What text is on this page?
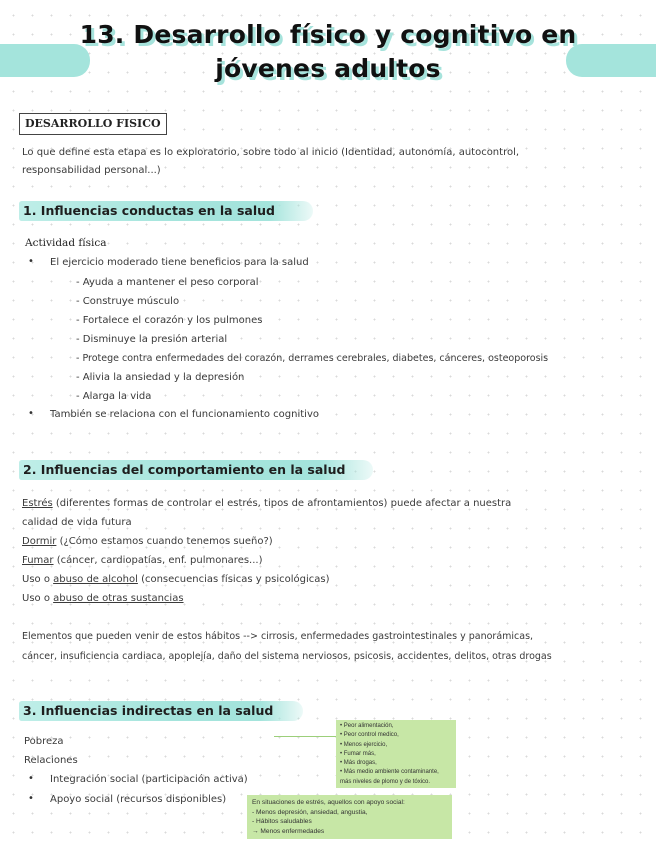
13. Desarrollo físico y cognitivo en
jóvenes adultos
DESARROLLO FISICO
Lo que define esta etapa es lo exploratorio, sobre todo al inicio (Identidad, autonomía, autocontrol,
responsabilidad personal...)
1. Influencias conductas en la salud
Actividad física
• El ejercicio moderado tiene beneficios para la salud
- Ayuda a mantener el peso corporal
- Construye músculo
- Fortalece el corazón y los pulmones
- Disminuye la presión arterial
- Protege contra enfermedades del corazón, derrames cerebrales, diabetes, cánceres, osteoporosis
- Alivia la ansiedad y la depresión
- Alarga la vida
• También se relaciona con el funcionamiento cognitivo
2. Influencias del comportamiento en la salud
Estrés (diferentes formas de controlar el estrés, tipos de afrontamientos) puede afectar a nuestra
calidad de vida futura
Dormir (¿Cómo estamos cuando tenemos sueño?)
Fumar (cáncer, cardiopatías, enf. pulmonares...)
Uso o abuso de alcohol (consecuencias físicas y psicológicas)
Uso o abuso de otras sustancias
Elementos que pueden venir de estos hábitos --> cirrosis, enfermedades gastrointestinales y panorámicas,
cáncer, insuficiencia cardiaca, apoplejía, daño del sistema nerviosos, psicosis, accidentes, delitos, otras drogas
3. Influencias indirectas en la salud
• Peor alimentación,
• Peor control medico,
• Menos ejercicio,
• Fumar más,
• Más drogas,
• Más medio ambiente contaminante,
más niveles de plomo y de tóxico.
Pobreza
Relaciones
• Integración social (participación activa)
• Apoyo social (recursos disponibles)	En situaciones de estrés, aquellos con apoyo social:
- Menos depresión, ansiedad, angustia,
- Hábitos saludables
→ Menos enfermedades
